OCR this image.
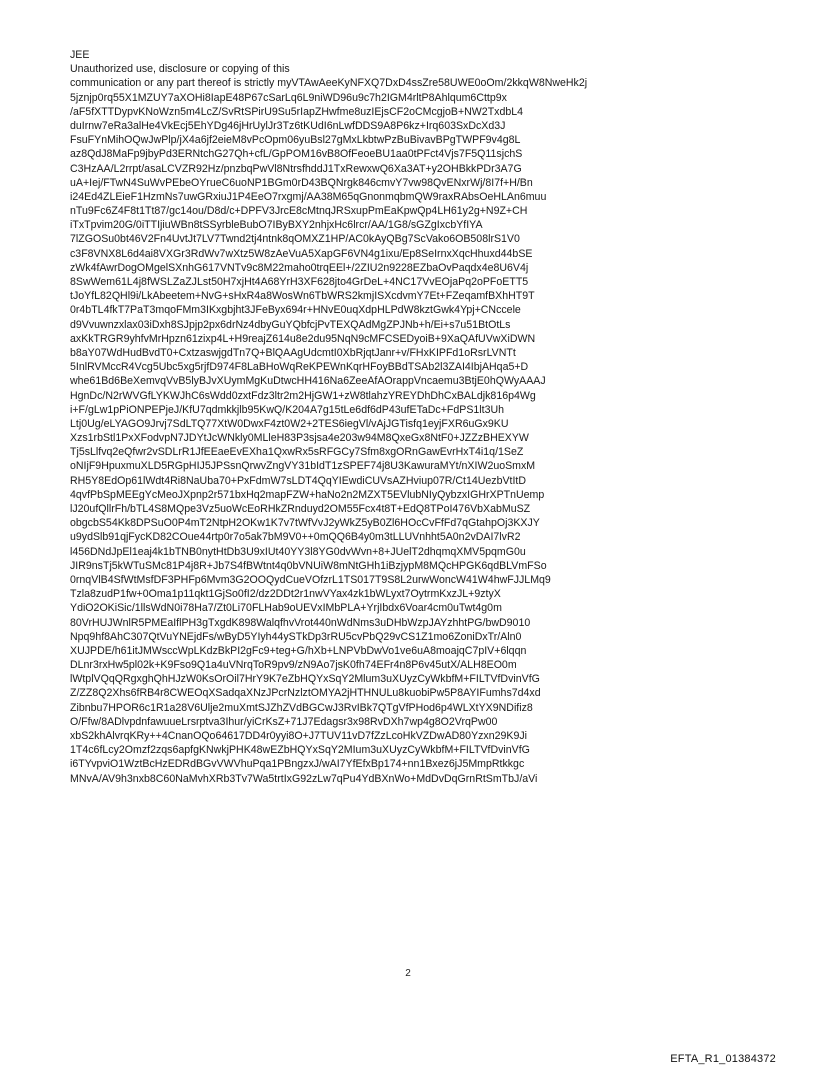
JEE
Unauthorized use, disclosure or copying of this
communication or any part thereof is strictly myVTAwAeeKyNFXQ7DxD4ssZre58UWE0oOm/2kkqW8NweHk2j
5jznjp0rq55X1MZUY7aXOHi8IapE48P67cSarLq6L9niWD96u9c7h2IGM4rltP8Ahlqum6Cttp9x
/aF5fXTTDypvKNoWzn5m4LcZ/SvRtSPirU9Su5rIapZHwfme8uzIEjsCF2oCMcgjoB+NW2TxdbL4
duIrnw7eRa3alHe4VkEcj5EhYDg46jHrUylJr3Tz6tKUdI6nLwfDDS9A8P6kz+Irq603SxDcXd3J
FsuFYnMihOQwJwPlp/jX4a6jf2eieM8vPcOpm06yuBsl27gMxLkbtwPzBuBivavBPgTWPF9v4g8L
az8QdJ8MaFp9jbyPd3ERNtchG27Qh+cfL/GpPOM16vB8OfFeoeBU1aa0tPFct4Vjs7F5Q11sjchS
C3HzAA/L2rrpt/asaLCVZR92Hz/pnzbqPwVl8NtrsfhddJ1TxRewxwQ6Xa3AT+y2OHBkkPDr3A7G
uA+Iej/FTwN4SuWvPEbeOYrueC6uoNP1BGm0rD43BQNrgk846cmvY7vw98QvENxrWj/8I7f+H/Bn
i24Ed4ZLEieF1HzmNs7uwGRxiuJ1P4EeO7rxgmj/AA38M65qGnonmqbmQW9raxRAbsOeHLAn6muu
nTu9Fc6Z4F8t1Tt87/gc14ou/D8d/c+DPFV3JrcE8cMtnqJRSxupPmEaKpwQp4LH61y2g+N9Z+CH
iTxTpvim20G/0iTTIjiuWBn8tSSyrbleBubO7IByBXY2nhjxHc6lrcr/AA/1G8/sGZgIxcbYfIYA
7lZGOSu0bt46V2Fn4UvtJt7LV7Twnd2tj4ntnk8qOMXZ1HP/AC0kAyQBg7ScVako6OB508lrS1V0
c3F8VNX8L6d4ai8VXGr3RdWv7wXtz5W8zAeVuA5XapGF6VN4g1ixu/Ep8SeIrnxXqcHhuxd44bSE
zWk4fAwrDogOMgelSXnhG617VNTv9c8M22maho0trqEEl+/2ZIU2n9228EZbaOvPaqdx4e8U6V4j
8SwWem61L4j8fWSLZaZJLst50H7xjHt4A68YrH3XF628jto4GrDeL+4NC17VvEOjaPq2oPFoETT5
tJoYfL82QHl9i/LkAbeetem+NvG+sHxR4a8WosWn6TbWRS2kmjISXcdvmY7Et+FZeqamfBXhHT9T
0r4bTL4fkT7PaT3mqoFMm3IKxgbjht3JFeByx694r+HNvE0uqXdpHLPdW8kztGwk4Ypj+CNccele
d9Vvuwnzxlax03iDxh8SJpjp2px6drNz4dbyGuYQbfcjPvTEXQAdMgZPJNb+h/Ei+s7u51BtOtLs
axKkTRGR9yhfvMrHpzn61zixp4L+H9reajZ614u8e2du95NqN9cMFCSEDyoiB+9XaQAfUVwXiDWN
b8aY07WdHudBvdT0+CxtzaswjgdTn7Q+BlQAAgUdcmtI0XbRjqtJanr+v/FHxKIPFd1oRsrLVNTt
5InlRVMccR4Vcg5Ubc5xg5rjfD974F8LaBHoWqReKPEWnKqrHFoyBBdTSAb2l3ZAI4IbjAHqa5+D
whe61Bd6BeXemvqVvB5lyBJvXUymMgKuDtwcHH416Na6ZeeAfAOrappVncaemu3BtjE0hQWyAAAJ
HgnDc/N2rWVGfLYKWJhC6sWdd0zxtFdz3ltr2m2HjGW1+zW8tlahzYREYDhDhCxBALdjk816p4Wg
i+F/gLw1pPiONPEPjeJ/KfU7qdmkkjlb95KwQ/K204A7g15tLe6df6dP43ufETaDc+FdPS1lt3Uh
Ltj0Ug/eLYAGO9Jrvj7SdLTQ77XtW0DwxF4zt0W2+2TES6iegVl/vAjJGTisfq1eyjFXR6uGx9KU
Xzs1rbStl1PxXFodvpN7JDYtJcWNkly0MLleH83P3sjsa4e203w94M8QxeGx8NtF0+JZZzBHEXYW
Tj5sLlfvq2eQfwr2vSDLrR1JfEEaeEvEXha1QxwRx5sRFGCy7Sfm8xgORnGawEvrHxT4i1q/1SeZ
oNIjF9HpuxmuXLD5RGpHIJ5JPSsnQrwvZngVY31bIdT1zSPEF74j8U3KawuraMYt/nXIW2uoSmxM
RH5Y8EdOp61lWdt4Ri8NaUba70+PxFdmW7sLDT4QqYIEwdiCUVsAZHviup07R/Ct14UezbVtItD
4qvfPbSpMEEgYcMeoJXpnp2r571bxHq2mapFZW+haNo2n2MZXT5EVlubNIyQybzxIGHrXPTnUemp
lJ20ufQllrFh/bTL4S8MQpe3Vz5uoWcEoRHkZRnduyd2OM55Fcx4t8T+EdQ8TPoI476VbXabMuSZ
obgcbS54Kk8DPSuO0P4mT2NtpH2OKw1K7v7tWfVvJ2yWkZ5yB0Zl6HOcCvFfFd7qGtahpOj3KXJY
u9ydSlb91qjFycKD82COue44rtp0r7o5ak7bM9V0++0mQQ6B4y0m3tLLUVnhht5A0n2vDAI7lvR2
l456DNdJpEl1eaj4k1bTNB0nytHtDb3U9xIUt40YY3l8YG0dvWvn+8+JUelT2dhqmqXMV5pqmG0u
JIR9nsTj5kWTuSMc81P4j8R+Jb7S4fBWtnt4q0bVNUiW8mNtGHh1iBzjypM8MQcHPGK6qdBLVmFSo
0rnqVlB4SfWtMsfDF3PHFp6Mvm3G2OOQydCueVOfzrL1TS017T9S8L2urwWoncW41W4hwFJJLMq9
Tzla8zudP1fw+0Oma1p11qkt1GjSo0fI2/dz2DDt2r1nwVYax4zk1bWLyxt7OytrmKxzJL+9ztyX
YdiO2OKiSic/1llsWdN0i78Ha7/Zt0Li70FLHab9oUEVxIMbPLA+YrjIbdx6Voar4cm0uTwt4g0m
80VrHUJWnlR5PMEaIflPH3gTxgdK898WalqfhvVrot440nWdNms3uDHbWzpJAYzhhtPG/bwD9010
Npq9hf8AhC307QtVuYNEjdFs/wByD5YIyh44ySTkDp3rRU5cvPbQ29vCS1Z1mo6ZoniDxTr/Aln0
XUJPDE/h61itJMWsccWpLKdzBkPI2gFc9+teg+G/hXb+LNPVbDwVo1ve6uA8moajqC7pIV+6lqqn
DLnr3rxHw5pl02k+K9Fso9Q1a4uVNrqToR9pv9/zN9Ao7jsK0fh74EFr4n8P6v45utX/ALH8EO0m
lWtplVQqQRgxghQhHJzW0KsOrOil7HrY9K7eZbHQYxSqY2Mlum3uXUyzCyWkbfM+FILTVfDvinVfG
Z/ZZ8Q2Xhs6fRB4r8CWEOqXSadqaXNzJPcrNzlztOMYA2jHTHNULu8kuobiPw5P8AYIFumhs7d4xd
Zibnbu7HPOR6c1R1a28V6Ulje2muXmtSJZhZVdBGCwJ3RvIBk7QTgVfPHod6p4WLXtYX9NDifiz8
O/Ffw/8ADlvpdnfawuueLrsrptva3Ihur/yiCrKsZ+71J7Edagsr3x98RvDXh7wp4g8O2VrqPw00
xbS2khAlvrqKRy++4CnanOQo64617DD4r0yyi8O+J7TUV11vD7fZzLcoHkVZDwAD80Yzxn29K9Ji
1T4c6fLcy2Omzf2zqs6apfgKNwkjPHK48wEZbHQYxSqY2MIum3uXUyzCyWkbfM+FILTVfDvinVfG
i6TYvpviO1WztBcHzEDRdBGvVWVhuPqa1PBngzxJ/wAI7YfEfxBp174+nn1Bxez6jJ5MmpRtkkgc
MNvA/AV9h3nxb8C60NaMvhXRb3Tv7Wa5trtIxG92zLw7qPu4YdBXnWo+MdDvDqGrnRtSmTbJ/aVi
2
EFTA_R1_01384372
